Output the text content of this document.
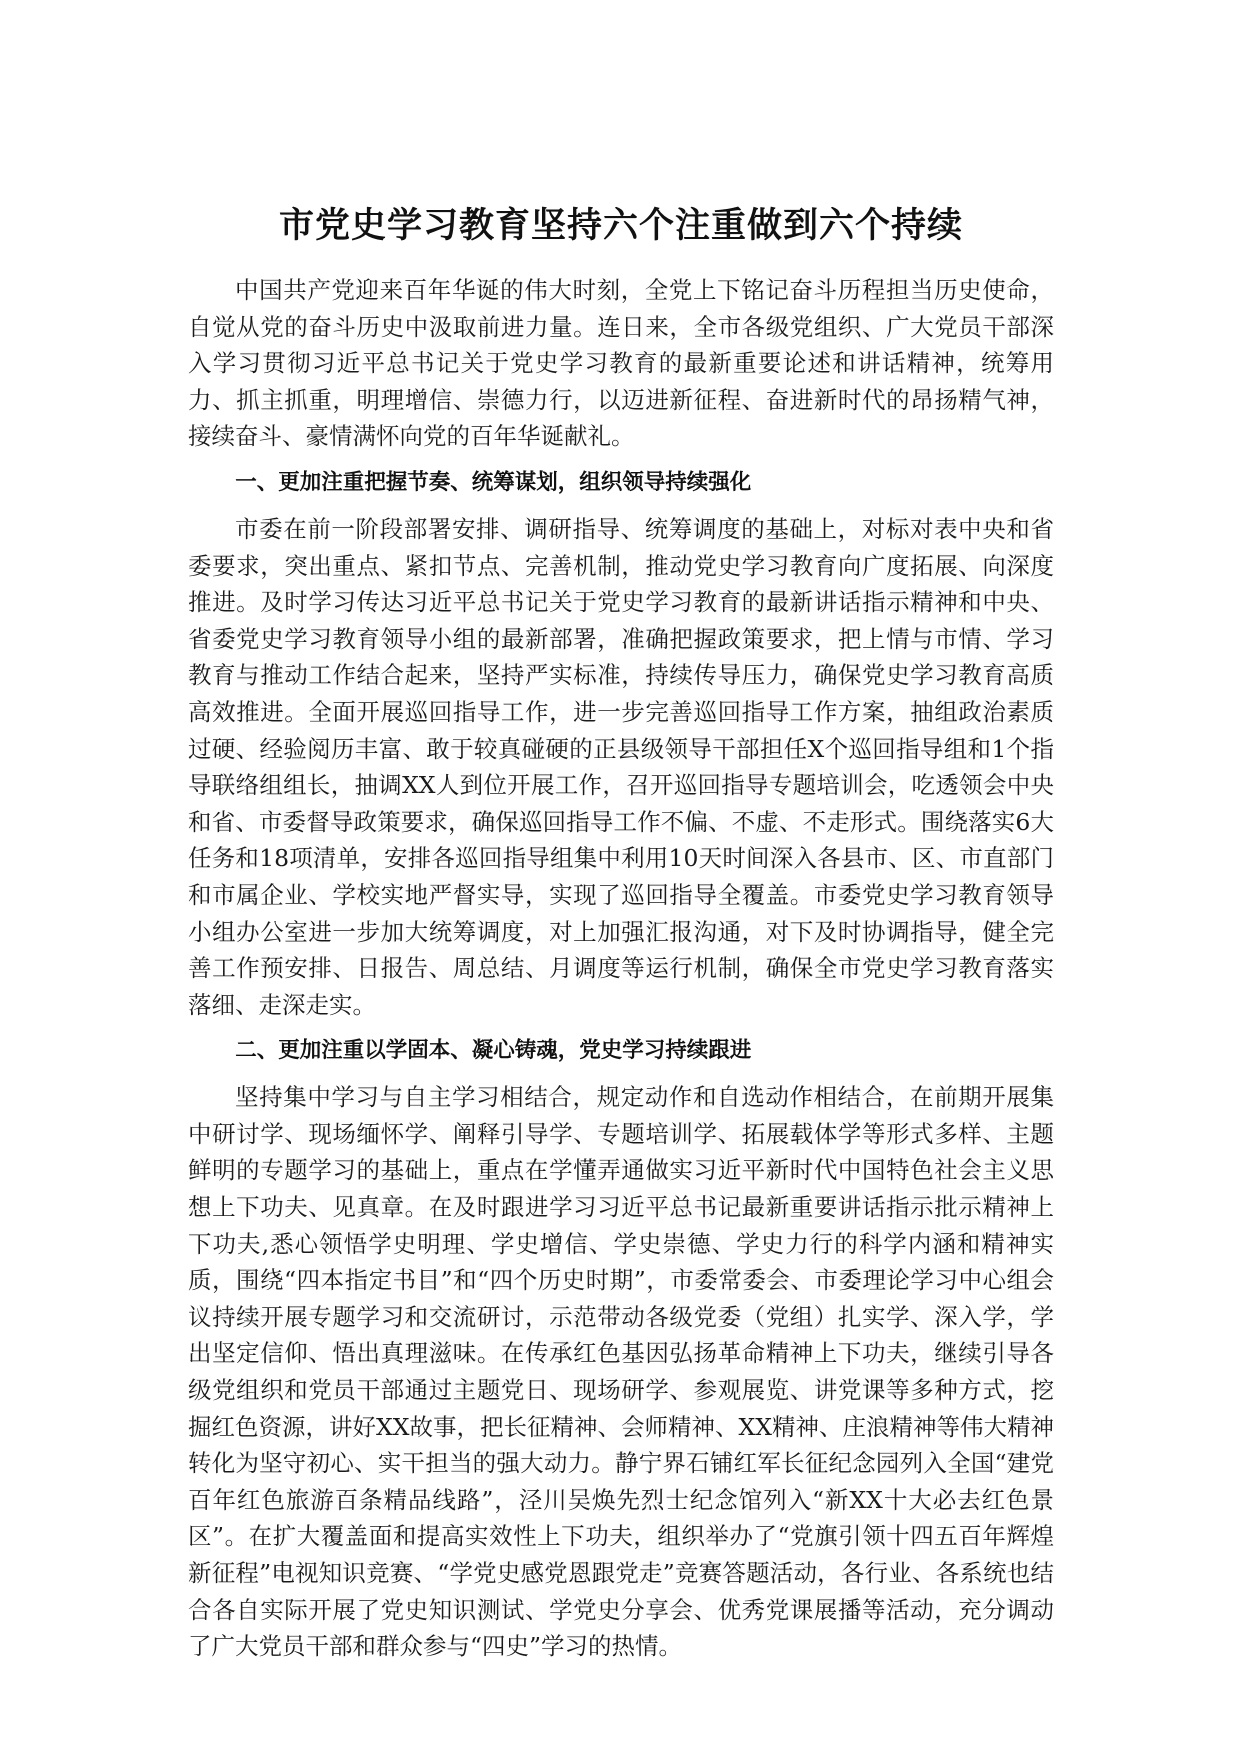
市党史学习教育坚持六个注重做到六个持续

中国共产党迎来百年华诞的伟大时刻，全党上下铭记奋斗历程担当历史使命，自觉从党的奋斗历史中汲取前进力量。连日来，全市各级党组织、广大党员干部深入学习贯彻习近平总书记关于党史学习教育的最新重要论述和讲话精神，统筹用力、抓主抓重，明理增信、崇德力行，以迈进新征程、奋进新时代的昂扬精气神，接续奋斗、豪情满怀向党的百年华诞献礼。

一、更加注重把握节奏、统筹谋划，组织领导持续强化

市委在前一阶段部署安排、调研指导、统筹调度的基础上，对标对表中央和省委要求，突出重点、紧扣节点、完善机制，推动党史学习教育向广度拓展、向深度推进。及时学习传达习近平总书记关于党史学习教育的最新讲话指示精神和中央、省委党史学习教育领导小组的最新部署，准确把握政策要求，把上情与市情、学习教育与推动工作结合起来，坚持严实标准，持续传导压力，确保党史学习教育高质高效推进。全面开展巡回指导工作，进一步完善巡回指导工作方案，抽组政治素质过硬、经验阅历丰富、敢于较真碰硬的正县级领导干部担任X个巡回指导组和1个指导联络组组长，抽调XX人到位开展工作，召开巡回指导专题培训会，吃透领会中央和省、市委督导政策要求，确保巡回指导工作不偏、不虚、不走形式。围绕落实6大任务和18项清单，安排各巡回指导组集中利用10天时间深入各县市、区、市直部门和市属企业、学校实地严督实导，实现了巡回指导全覆盖。市委党史学习教育领导小组办公室进一步加大统筹调度，对上加强汇报沟通，对下及时协调指导，健全完善工作预安排、日报告、周总结、月调度等运行机制，确保全市党史学习教育落实落细、走深走实。

二、更加注重以学固本、凝心铸魂，党史学习持续跟进

坚持集中学习与自主学习相结合，规定动作和自选动作相结合，在前期开展集中研讨学、现场缅怀学、阐释引导学、专题培训学、拓展载体学等形式多样、主题鲜明的专题学习的基础上，重点在学懂弄通做实习近平新时代中国特色社会主义思想上下功夫、见真章。在及时跟进学习习近平总书记最新重要讲话指示批示精神上下功夫,悉心领悟学史明理、学史增信、学史崇德、学史力行的科学内涵和精神实质，围绕“四本指定书目”和“四个历史时期”，市委常委会、市委理论学习中心组会议持续开展专题学习和交流研讨，示范带动各级党委（党组）扎实学、深入学，学出坚定信仰、悟出真理滋味。在传承红色基因弘扬革命精神上下功夫，继续引导各级党组织和党员干部通过主题党日、现场研学、参观展览、讲党课等多种方式，挖掘红色资源，讲好XX故事，把长征精神、会师精神、XX精神、庄浪精神等伟大精神转化为坚守初心、实干担当的强大动力。静宁界石铺红军长征纪念园列入全国“建党百年红色旅游百条精品线路”，泾川吴焕先烈士纪念馆列入“新XX十大必去红色景区”。在扩大覆盖面和提高实效性上下功夫，组织举办了“党旗引领十四五百年辉煌新征程”电视知识竞赛、“学党史感党恩跟党走”竞赛答题活动，各行业、各系统也结合各自实际开展了党史知识测试、学党史分享会、优秀党课展播等活动，充分调动了广大党员干部和群众参与“四史”学习的热情。
